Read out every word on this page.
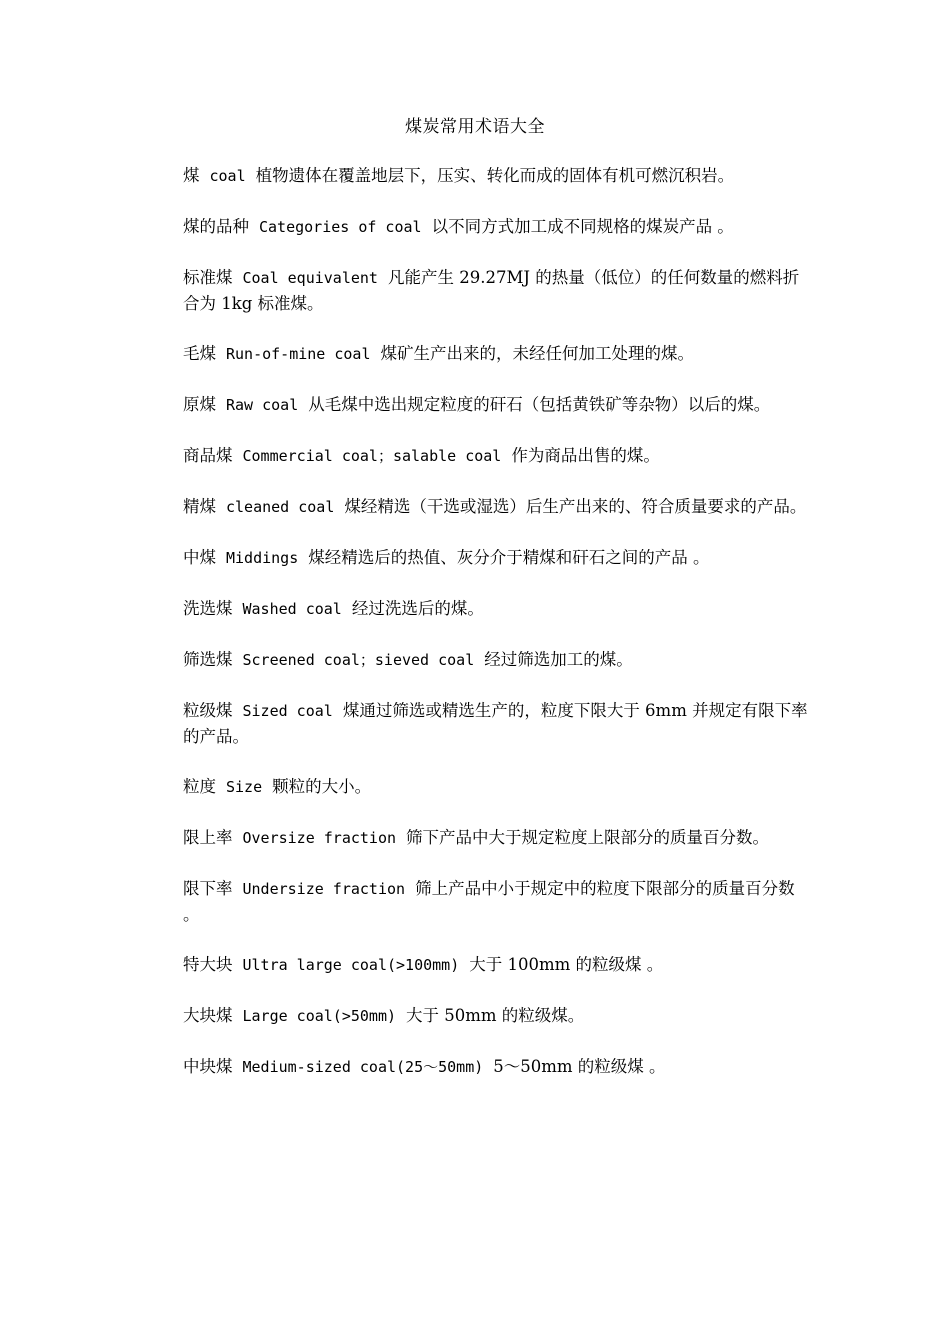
煤炭常用术语大全
煤 coal 植物遗体在覆盖地层下，压实、转化而成的固体有机可燃沉积岩。
煤的品种 Categories of coal 以不同方式加工成不同规格的煤炭产品 。
标准煤 Coal equivalent 凡能产生 29.27MJ 的热量（低位）的任何数量的燃料折　合为 1kg 标准煤。
毛煤 Run-of-mine coal 煤矿生产出来的，未经任何加工处理的煤。
原煤 Raw coal 从毛煤中选出规定粒度的矸石（包括黄铁矿等杂物）以后的煤。
商品煤 Commercial coal；salable coal 作为商品出售的煤。
精煤 cleaned coal 煤经精选（干选或湿选）后生产出来的、符合质量要求的产品。
中煤 Middings 煤经精选后的热值、灰分介于精煤和矸石之间的产品 。
洗选煤 Washed coal 经过洗选后的煤。
筛选煤 Screened coal；sieved coal 经过筛选加工的煤。
粒级煤 Sized coal 煤通过筛选或精选生产的，粒度下限大于 6mm 并规定有限下率的产品。
粒度 Size 颗粒的大小。
限上率 Oversize fraction 筛下产品中大于规定粒度上限部分的质量百分数。
限下率 Undersize fraction 筛上产品中小于规定中的粒度下限部分的质量百分数 。
特大块 Ultra large coal(>100mm) 大于 100mm 的粒级煤 。
大块煤 Large coal(>50mm) 大于 50mm 的粒级煤。
中块煤 Medium-sized coal(25～50mm) 5～50mm 的粒级煤 。
